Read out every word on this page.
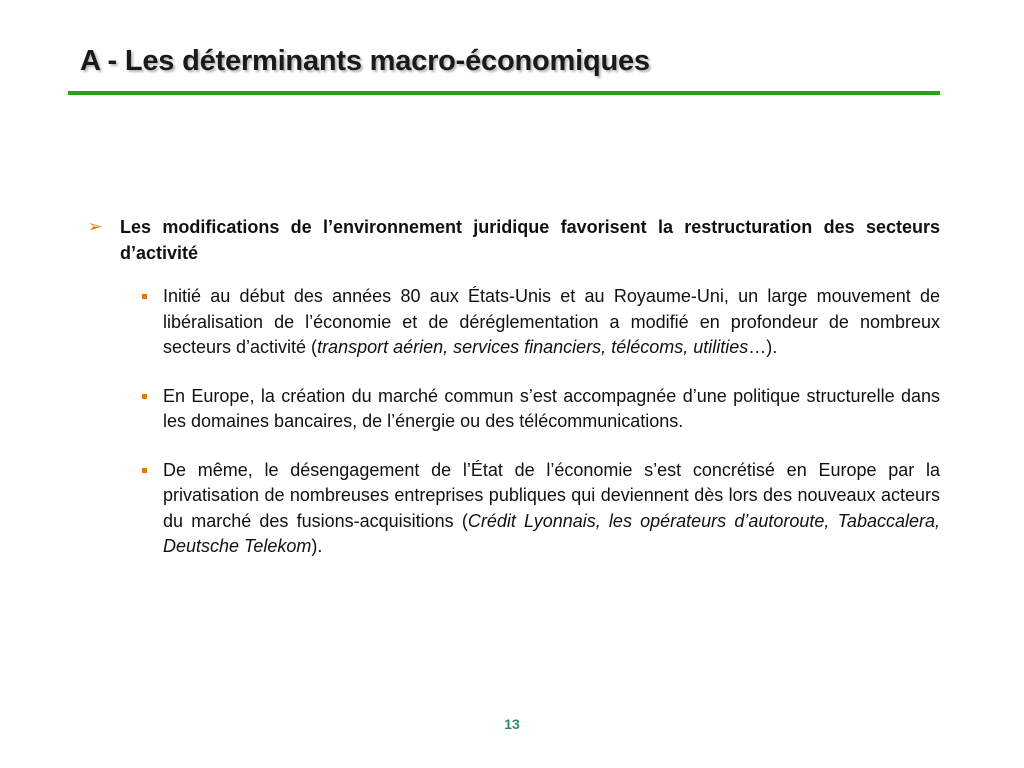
A - Les déterminants macro-économiques
➢ Les modifications de l’environnement juridique favorisent la restructuration des secteurs d’activité
Initié au début des années 80 aux États-Unis et au Royaume-Uni, un large mouvement de libéralisation de l’économie et de déréglementation a modifié en profondeur de nombreux secteurs d’activité (transport aérien, services financiers, télécoms, utilities…).
En Europe, la création du marché commun s’est accompagnée d’une politique structurelle dans les domaines bancaires, de l’énergie ou des télécommunications.
De même, le désengagement de l’État de l’économie s’est concrétisé en Europe par la privatisation de nombreuses entreprises publiques qui deviennent dès lors des nouveaux acteurs du marché des fusions-acquisitions (Crédit Lyonnais, les opérateurs d’autoroute, Tabaccalera, Deutsche Telekom).
13
